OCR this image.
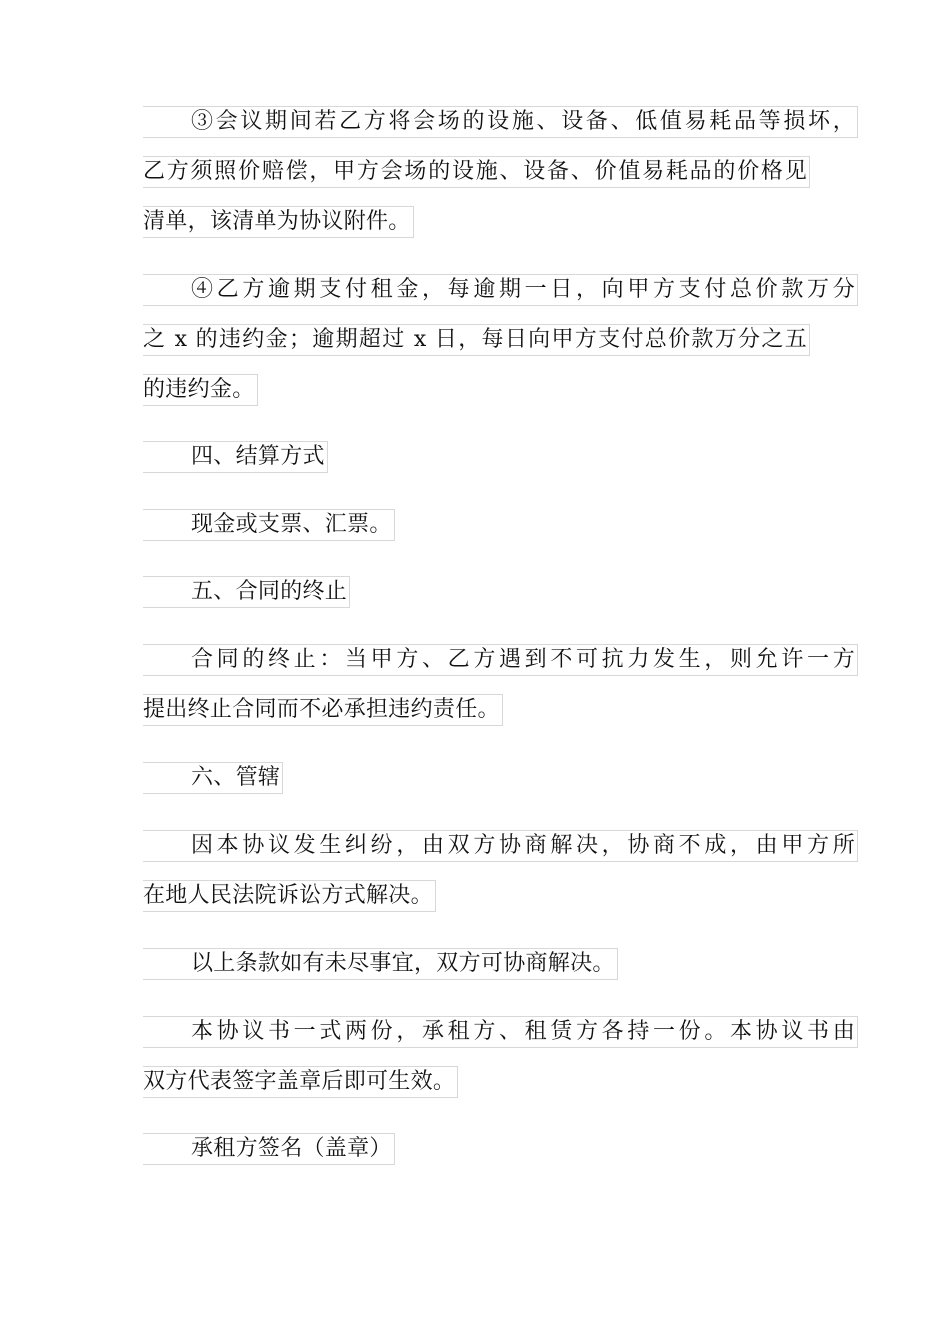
③会议期间若乙方将会场的设施、设备、低值易耗品等损坏，
乙方须照价赔偿，甲方会场的设施、设备、价值易耗品的价格见
清单，该清单为协议附件。
④乙方逾期支付租金，每逾期一日，向甲方支付总价款万分
之 x 的违约金；逾期超过 x 日，每日向甲方支付总价款万分之五
的违约金。
四、结算方式
现金或支票、汇票。
五、合同的终止
合同的终止：当甲方、乙方遇到不可抗力发生，则允许一方
提出终止合同而不必承担违约责任。
六、管辖
因本协议发生纠纷，由双方协商解决，协商不成，由甲方所
在地人民法院诉讼方式解决。
以上条款如有未尽事宜，双方可协商解决。
本协议书一式两份，承租方、租赁方各持一份。本协议书由
双方代表签字盖章后即可生效。
承租方签名（盖章）
